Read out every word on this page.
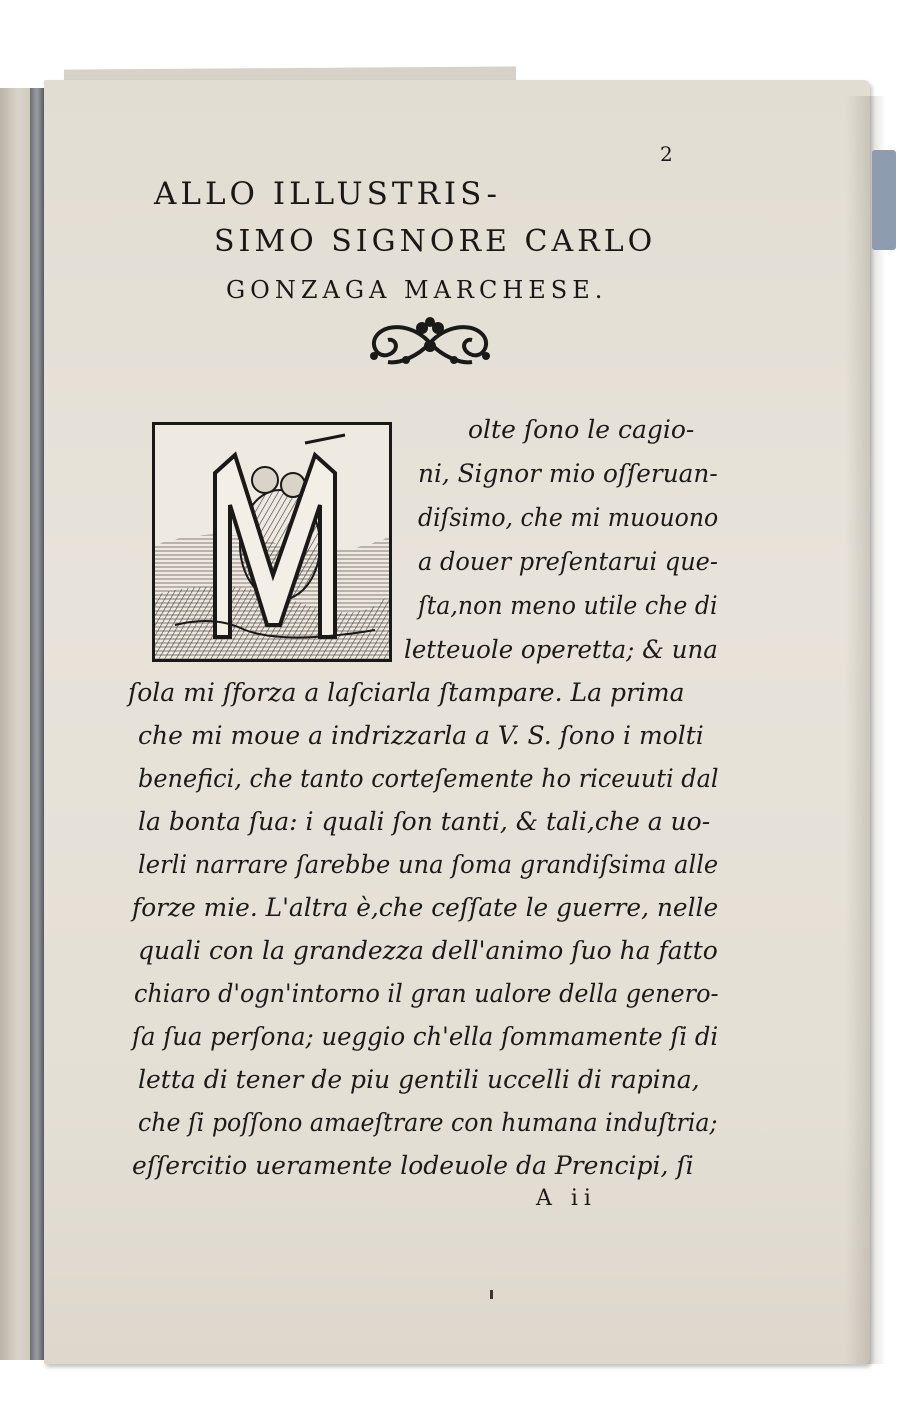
2
ALLO ILLUSTRIS-
SIMO SIGNORE CARLO
GONZAGA MARCHESE.
olte ſono le cagio-
ni, Signor mio oſſeruan-
diſsimo, che mi muouono
a douer preſentarui que-
ſta,non meno utile che di
letteuole operetta; & una
ſola mi ſforza a laſciarla ſtampare. La prima
che mi moue a indrizzarla a V. S. ſono i molti
benefici, che tanto corteſemente ho riceuuti dal
la bonta ſua: i quali ſon tanti, & tali,che a uo-
lerli narrare ſarebbe una ſoma grandiſsima alle
forze mie. L'altra è,che ceſſate le guerre, nelle
quali con la grandezza dell'animo ſuo ha fatto
chiaro d'ogn'intorno il gran ualore della genero-
ſa ſua perſona; ueggio ch'ella ſommamente ſi di
letta di tener de piu gentili uccelli di rapina,
che ſi poſſono amaeſtrare con humana induſtria;
eſſercitio ueramente lodeuole da Prencipi, ſi
A ii
